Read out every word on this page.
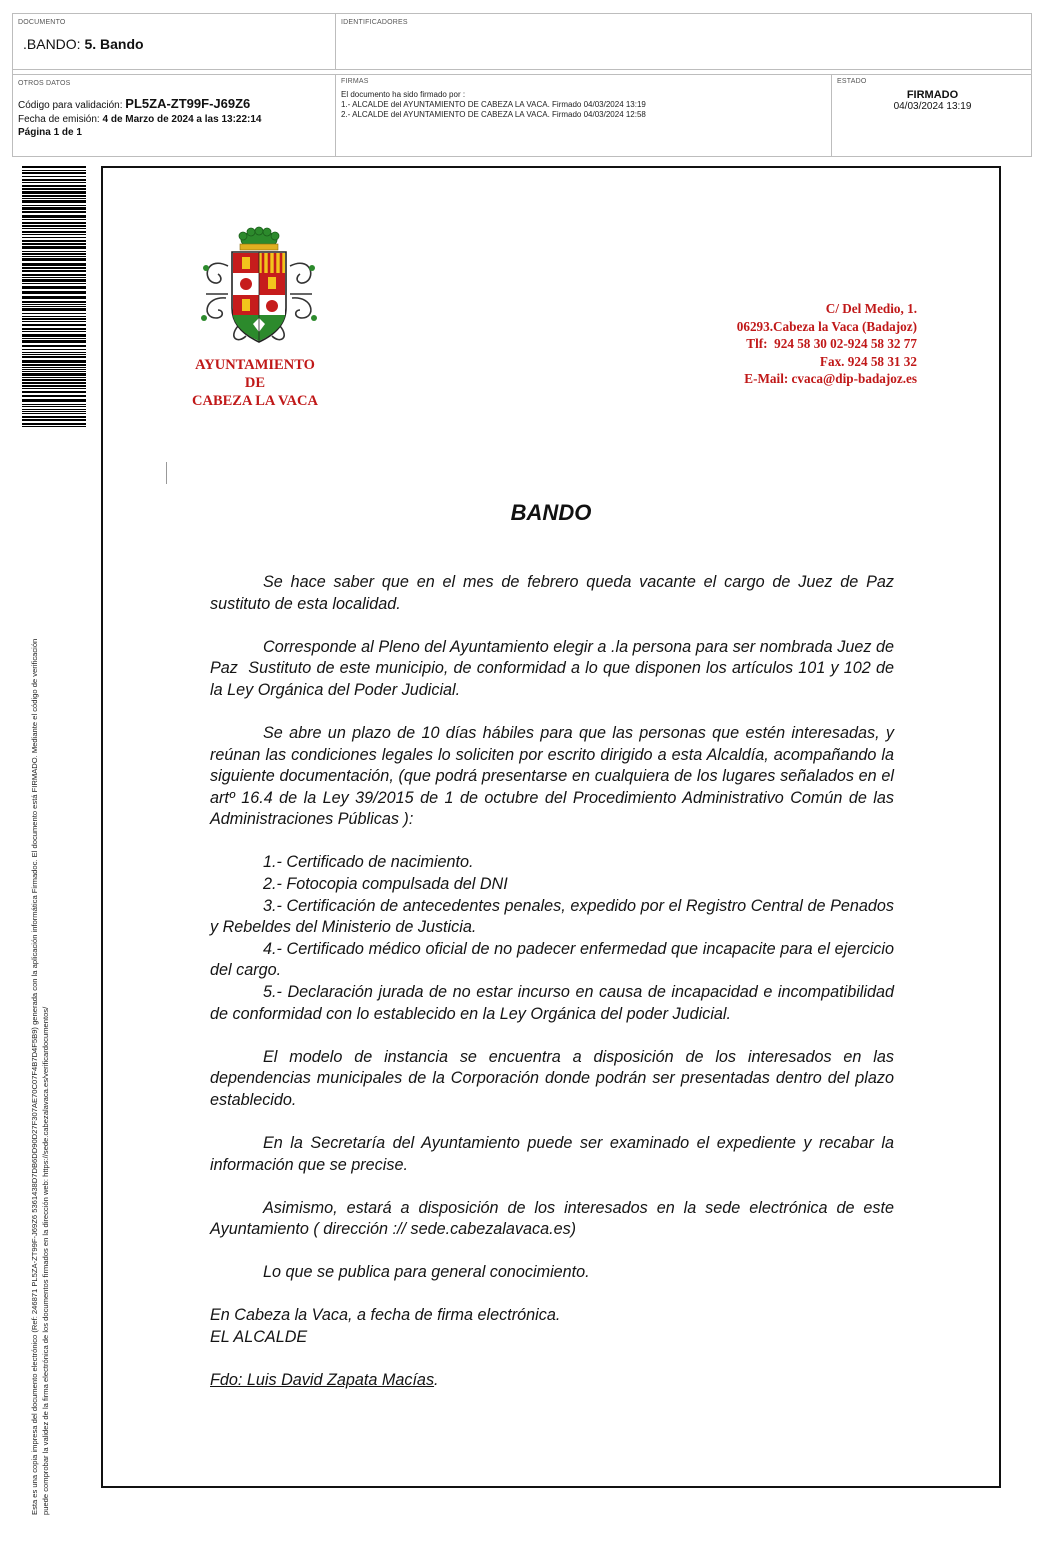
DOCUMENTO
.BANDO: 5. Bando
IDENTIFICADORES
OTROS DATOS
Código para validación: PL5ZA-ZT99F-J69Z6
Fecha de emisión: 4 de Marzo de 2024 a las 13:22:14
Página 1 de 1
FIRMAS
El documento ha sido firmado por :
1.- ALCALDE del AYUNTAMIENTO DE CABEZA LA VACA. Firmado 04/03/2024 13:19
2.- ALCALDE del AYUNTAMIENTO DE CABEZA LA VACA. Firmado 04/03/2024 12:58
ESTADO
FIRMADO
04/03/2024 13:19
Esta es una copia impresa del documento electrónico (Ref: 246871 PL5ZA-ZT99F-J69Z6 5361438D7DB6DD90D27F307AE70C07F4B7D4F5B9) generada con la aplicación informática Firmadoc. El documento está FIRMADO. Mediante el código de verificación puede comprobar la validez de la firma electrónica de los documentos firmados en la dirección web: https://sede.cabezalavaca.es/verificardocumentos/
AYUNTAMIENTO
DE
CABEZA LA VACA
C/ Del Medio, 1.
06293.Cabeza la Vaca (Badajoz)
Tlf:  924 58 30 02-924 58 32 77
Fax. 924 58 31 32
E-Mail: cvaca@dip-badajoz.es
BANDO

Se hace saber que en el mes de febrero queda vacante el cargo de Juez de Paz sustituto de esta localidad.

Corresponde al Pleno del Ayuntamiento elegir a .la persona para ser nombrada Juez de Paz  Sustituto de este municipio, de conformidad a lo que disponen los artículos 101 y 102 de la Ley Orgánica del Poder Judicial.

Se abre un plazo de 10 días hábiles para que las personas que estén interesadas, y reúnan las condiciones legales lo soliciten por escrito dirigido a esta Alcaldía, acompañando la siguiente documentación, (que podrá presentarse en cualquiera de los lugares señalados en el artº 16.4 de la Ley 39/2015 de 1 de octubre del Procedimiento Administrativo Común de las Administraciones Públicas ):

1.- Certificado de nacimiento.

2.- Fotocopia compulsada del DNI

3.- Certificación de antecedentes penales, expedido por el Registro Central de Penados y Rebeldes del Ministerio de Justicia.

4.- Certificado médico oficial de no padecer enfermedad que incapacite para el ejercicio del cargo.

5.- Declaración jurada de no estar incurso en causa de incapacidad e incompatibilidad de conformidad con lo establecido en la Ley Orgánica del poder Judicial.

El modelo de instancia se encuentra a disposición de los interesados en las dependencias municipales de la Corporación donde podrán ser presentadas dentro del plazo establecido.

En la Secretaría del Ayuntamiento puede ser examinado el expediente y recabar la información que se precise.

Asimismo, estará a disposición de los interesados en la sede electrónica de este Ayuntamiento ( dirección :// sede.cabezalavaca.es)

Lo que se publica para general conocimiento.

En Cabeza la Vaca, a fecha de firma electrónica.

EL ALCALDE

Fdo: Luis David Zapata Macías.
